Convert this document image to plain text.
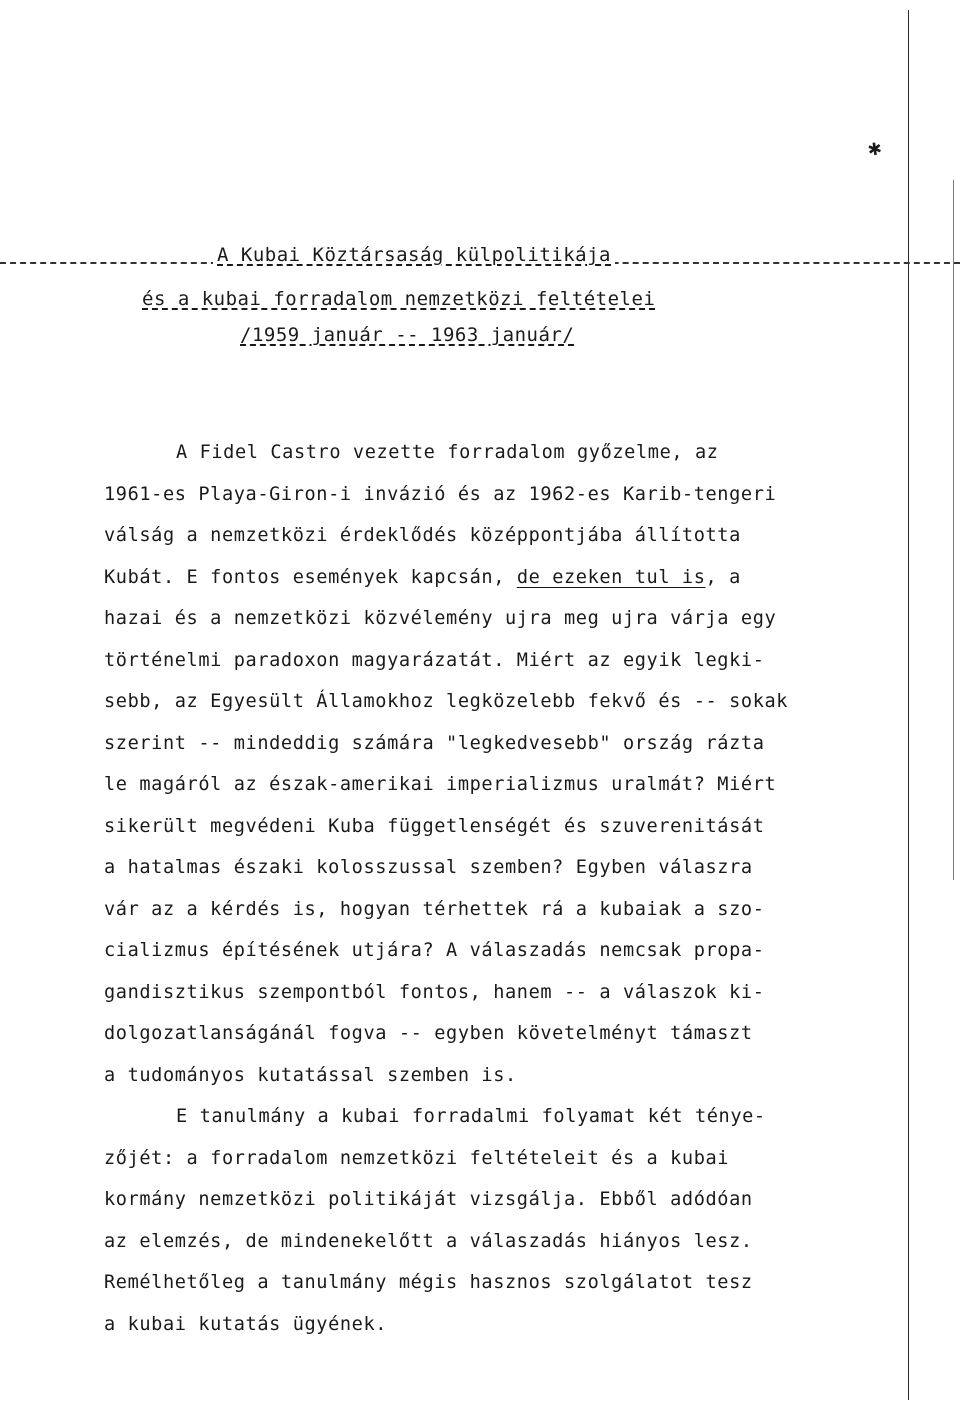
✱
A Kubai Köztársaság külpolitikája
és a kubai forradalom nemzetközi feltételei
/1959 január -- 1963 január/

A Fidel Castro vezette forradalom győzelme, az
1961-es Playa-Giron-i invázió és az 1962-es Karib-tengeri
válság a nemzetközi érdeklődés középpontjába állította
Kubát. E fontos események kapcsán, de ezeken tul is, a
hazai és a nemzetközi közvélemény ujra meg ujra várja egy
történelmi paradoxon magyarázatát. Miért az egyik legki-
sebb, az Egyesült Államokhoz legközelebb fekvő és -- sokak
szerint -- mindeddig számára "legkedvesebb" ország rázta
le magáról az észak-amerikai imperializmus uralmát? Miért
sikerült megvédeni Kuba függetlenségét és szuverenitását
a hatalmas északi kolosszussal szemben? Egyben válaszra
vár az a kérdés is, hogyan térhettek rá a kubaiak a szo-
cializmus építésének utjára? A válaszadás nemcsak propa-
gandisztikus szempontból fontos, hanem -- a válaszok ki-
dolgozatlanságánál fogva -- egyben követelményt támaszt
a tudományos kutatással szemben is.

E tanulmány a kubai forradalmi folyamat két ténye-
zőjét: a forradalom nemzetközi feltételeit és a kubai
kormány nemzetközi politikáját vizsgálja. Ebből adódóan
az elemzés, de mindenekelőtt a válaszadás hiányos lesz.
Remélhetőleg a tanulmány mégis hasznos szolgálatot tesz
a kubai kutatás ügyének.
